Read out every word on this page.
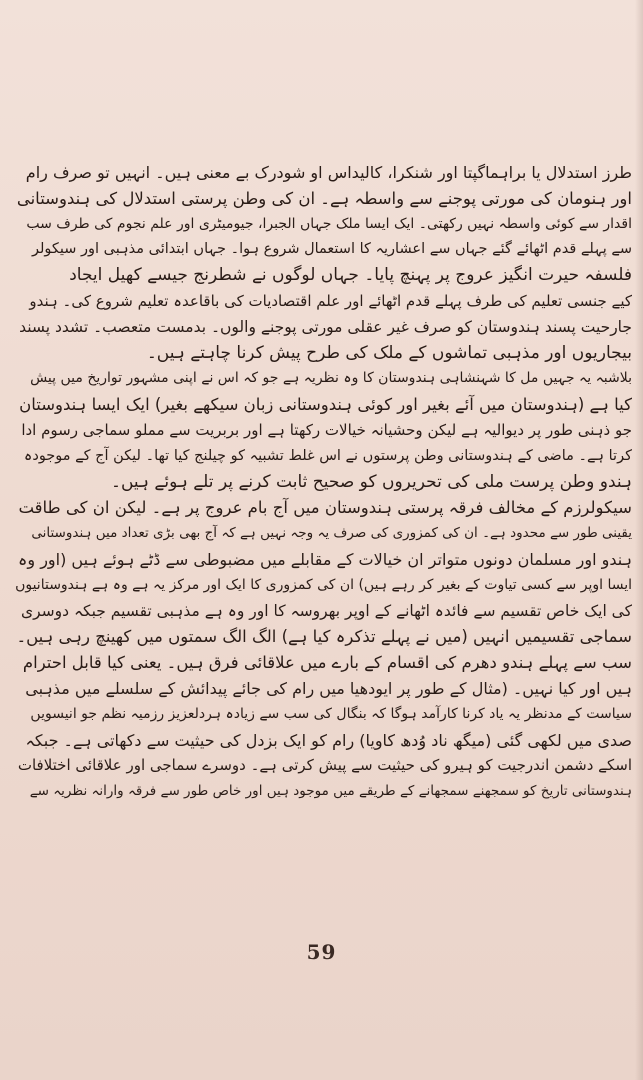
طرز استدلال یا براہماگپتا اور شنکرا، کالیداس او شودرک بے معنی ہیں۔ انہیں تو صرف رام
اور ہنومان کی مورتی پوجنے سے واسطہ ہے۔ ان کی وطن پرستی استدلال کی ہندوستانی
اقدار سے کوئی واسطہ نہیں رکھتی۔ ایک ایسا ملک جہاں الجبرا، جیومیٹری اور علم نجوم کی طرف سب
سے پہلے قدم اٹھائے گئے جہاں سے اعشاریہ کا استعمال شروع ہوا۔ جہاں ابتدائی مذہبی اور سیکولر
فلسفہ حیرت انگیز عروج پر پہنچ پایا۔ جہاں لوگوں نے شطرنج جیسے کھیل ایجاد
کیے جنسی تعلیم کی طرف پہلے قدم اٹھائے اور علم اقتصادیات کی باقاعدہ تعلیم شروع کی۔ ہندو
جارحیت پسند ہندوستان کو صرف غیر عقلی مورتی پوجنے والوں۔ بدمست متعصب۔ تشدد پسند
بیجاریوں اور مذہبی تماشوں کے ملک کی طرح پیش کرنا چاہتے ہیں۔
بلاشبہ یہ جہیں مل کا شہنشاہی ہندوستان کا وہ نظریہ ہے جو کہ اس نے اپنی مشہور تواریخ میں پیش
کیا ہے (ہندوستان میں آئے بغیر اور کوئی ہندوستانی زبان سیکھے بغیر) ایک ایسا ہندوستان
جو ذہنی طور پر دیوالیہ ہے لیکن وحشیانہ خیالات رکھتا ہے اور بربریت سے مملو سماجی رسوم ادا
کرتا ہے۔ ماضی کے ہندوستانی وطن پرستوں نے اس غلط تشبیہ کو چیلنج کیا تھا۔ لیکن آج کے موجودہ
ہندو وطن پرست ملی کی تحریروں کو صحیح ثابت کرنے پر تلے ہوئے ہیں۔
سیکولرزم کے مخالف فرقہ پرستی ہندوستان میں آج بام عروج پر ہے۔ لیکن ان کی طاقت
یقینی طور سے محدود ہے۔ ان کی کمزوری کی صرف یہ وجہ نہیں ہے کہ آج بھی بڑی تعداد میں ہندوستانی
ہندو اور مسلمان دونوں متواتر ان خیالات کے مقابلے میں مضبوطی سے ڈٹے ہوئے ہیں (اور وہ
ایسا اوپر سے کسی تیاوت کے بغیر کر رہے ہیں) ان کی کمزوری کا ایک اور مرکز یہ ہے وہ ہے ہندوستانیوں
کی ایک خاص تقسیم سے فائدہ اٹھانے کے اوپر بھروسہ کا اور وہ ہے مذہبی تقسیم جبکہ دوسری
سماجی تقسیمیں انہیں (میں نے پہلے تذکرہ کیا ہے) الگ الگ سمتوں میں کھینچ رہی ہیں۔
سب سے پہلے ہندو دھرم کی اقسام کے بارے میں علاقائی فرق ہیں۔ یعنی کیا قابل احترام
ہیں اور کیا نہیں۔ (مثال کے طور پر ایودھیا میں رام کی جائے پیدائش کے سلسلے میں مذہبی
سیاست کے مدنظر یہ یاد کرنا کارآمد ہوگا کہ بنگال کی سب سے زیادہ ہردلعزیز رزمیہ نظم جو انیسویں
صدی میں لکھی گئی (میگھ ناد وُدھ کاویا) رام کو ایک بزدل کی حیثیت سے دکھاتی ہے۔ جبکہ
اسکے دشمن اندرجیت کو ہیرو کی حیثیت سے پیش کرتی ہے۔ دوسرے سماجی اور علاقائی اختلافات
ہندوستانی تاریخ کو سمجھنے سمجھانے کے طریقے میں موجود ہیں اور خاص طور سے فرقہ وارانہ نظریہ سے
59
